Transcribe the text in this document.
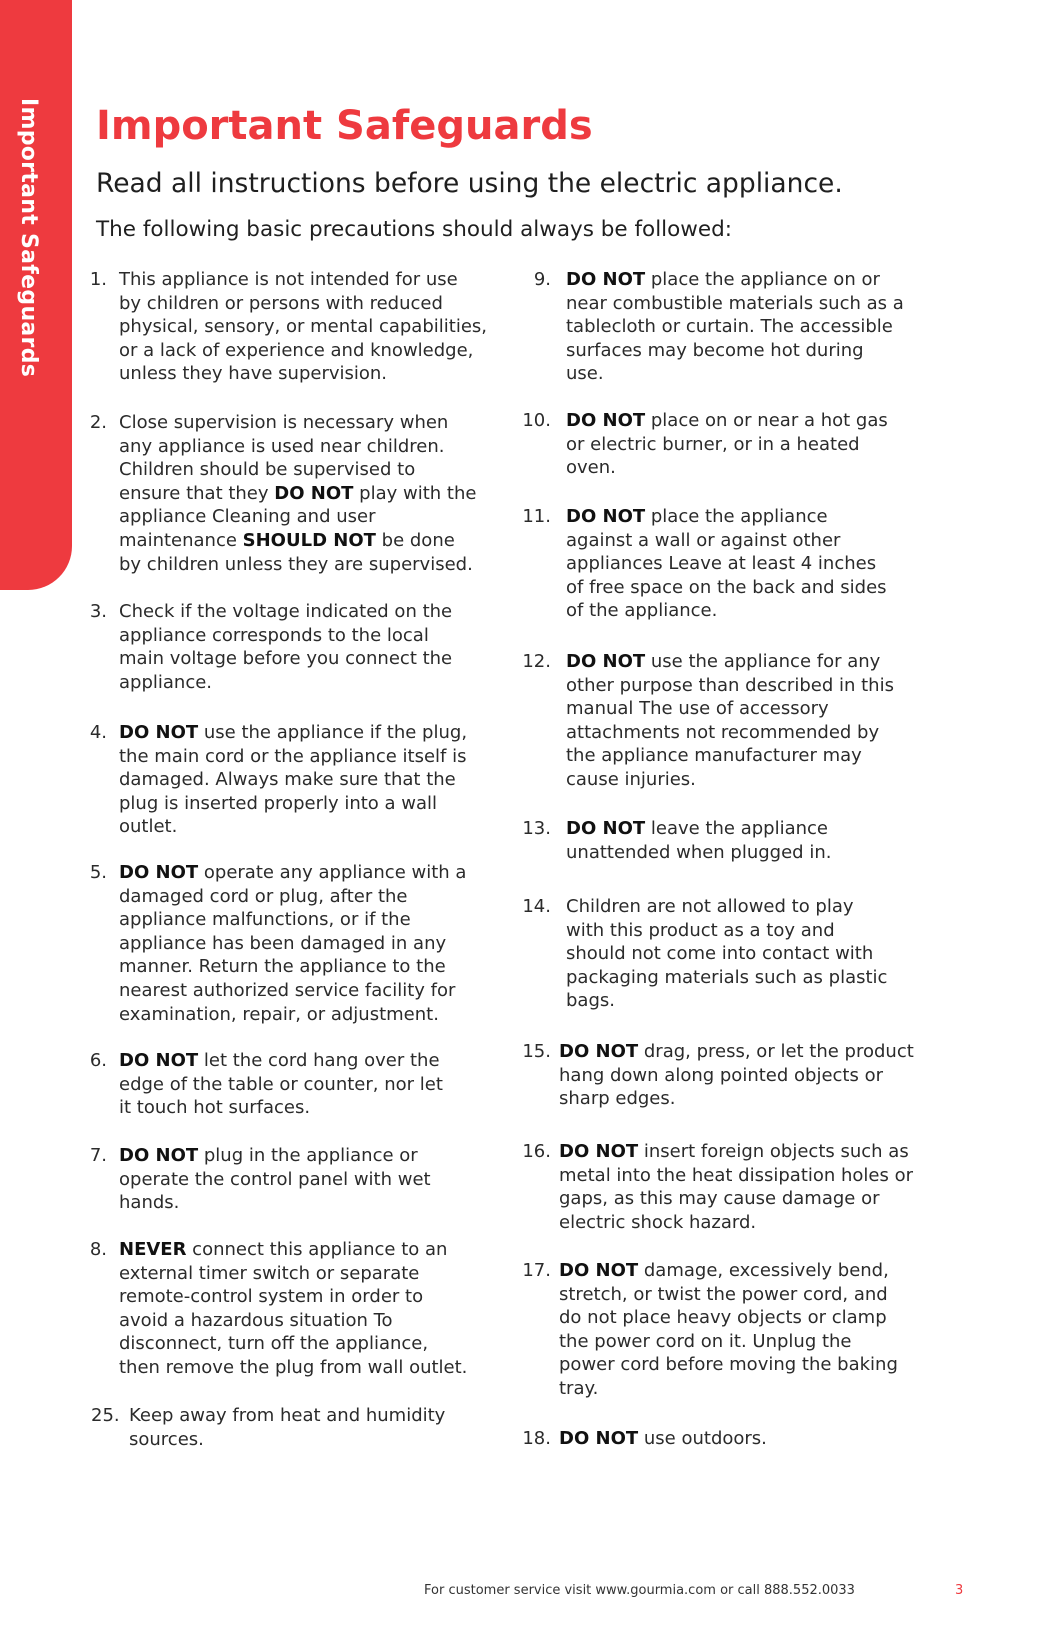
Important Safeguards Important Safeguards

Read all instructions before using the electric appliance.

The following basic precautions should always be followed:

1. This appliance is not intended for use
by children or persons with reduced
physical, sensory, or mental capabilities,
or a lack of experience and knowledge,
unless they have supervision.
2. Close supervision is necessary when
any appliance is used near children.
Children should be supervised to
ensure that they DO NOT play with the
appliance Cleaning and user
maintenance SHOULD NOT be done
by children unless they are supervised.
3. Check if the voltage indicated on the
appliance corresponds to the local
main voltage before you connect the
appliance.
4. DO NOT use the appliance if the plug,
the main cord or the appliance itself is
damaged. Always make sure that the
plug is inserted properly into a wall
outlet.
5. DO NOT operate any appliance with a
damaged cord or plug, after the
appliance malfunctions, or if the
appliance has been damaged in any
manner. Return the appliance to the
nearest authorized service facility for
examination, repair, or adjustment.
6. DO NOT let the cord hang over the
edge of the table or counter, nor let
it touch hot surfaces.
7. DO NOT plug in the appliance or
operate the control panel with wet
hands.
8. NEVER connect this appliance to an
external timer switch or separate
remote-control system in order to
avoid a hazardous situation To
disconnect, turn off the appliance,
then remove the plug from wall outlet.
25. Keep away from heat and humidity
sources.
9. DO NOT place the appliance on or
near combustible materials such as a
tablecloth or curtain. The accessible
surfaces may become hot during
use.
10. DO NOT place on or near a hot gas
or electric burner, or in a heated
oven.
11. DO NOT place the appliance
against a wall or against other
appliances Leave at least 4 inches
of free space on the back and sides
of the appliance.
12. DO NOT use the appliance for any
other purpose than described in this
manual The use of accessory
attachments not recommended by
the appliance manufacturer may
cause injuries.
13. DO NOT leave the appliance
unattended when plugged in.
14. Children are not allowed to play
with this product as a toy and
should not come into contact with
packaging materials such as plastic
bags.
15. DO NOT drag, press, or let the product
hang down along pointed objects or
sharp edges.
16. DO NOT insert foreign objects such as
metal into the heat dissipation holes or
gaps, as this may cause damage or
electric shock hazard.
17. DO NOT damage, excessively bend,
stretch, or twist the power cord, and
do not place heavy objects or clamp
the power cord on it. Unplug the
power cord before moving the baking
tray.
18. DO NOT use outdoors.
For customer service visit www.gourmia.com or call 888.552.0033	3
